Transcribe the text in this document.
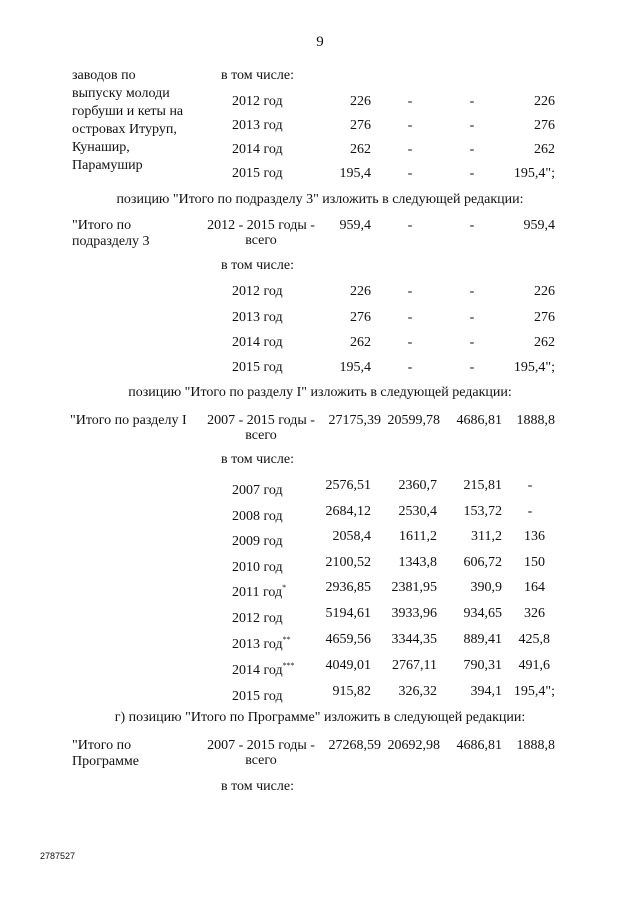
9
заводов по
выпуску молоди
горбуши и кеты на
островах Итуруп,
Кунашир,
Парамушир
в том числе:
2012 год	226	-	-	226
2013 год	276	-	-	276
2014 год	262	-	-	262
2015 год	195,4	-	-	195,4";
позицию "Итого по подразделу 3" изложить в следующей редакции:
"Итого по
подразделу 3
2012 - 2015 годы -
всего
959,4	-	-	959,4
в том числе:
2012 год	226	-	-	226
2013 год	276	-	-	276
2014 год	262	-	-	262
2015 год	195,4	-	-	195,4";
позицию "Итого по разделу I" изложить в следующей редакции:
"Итого по разделу I	2007 - 2015 годы -
всего
27175,39 20599,78	4686,81	1888,8
в том числе:
2007 год	2576,51	2360,7	215,81	-
2008 год	2684,12	2530,4	153,72	-
2009 год	2058,4	1611,2	311,2	136
2010 год	2100,52	1343,8	606,72	150
2011 год*	2936,85	2381,95	390,9	164
2012 год	5194,61	3933,96	934,65	326
2013 год**	4659,56	3344,35	889,41	425,8
2014 год***	4049,01	2767,11	790,31	491,6
2015 год	915,82	326,32	394,1 195,4";
г) позицию "Итого по Программе" изложить в следующей редакции:
"Итого по
Программе
2007 - 2015 годы -
всего
27268,59 20692,98	4686,81	1888,8
в том числе:
2787527
